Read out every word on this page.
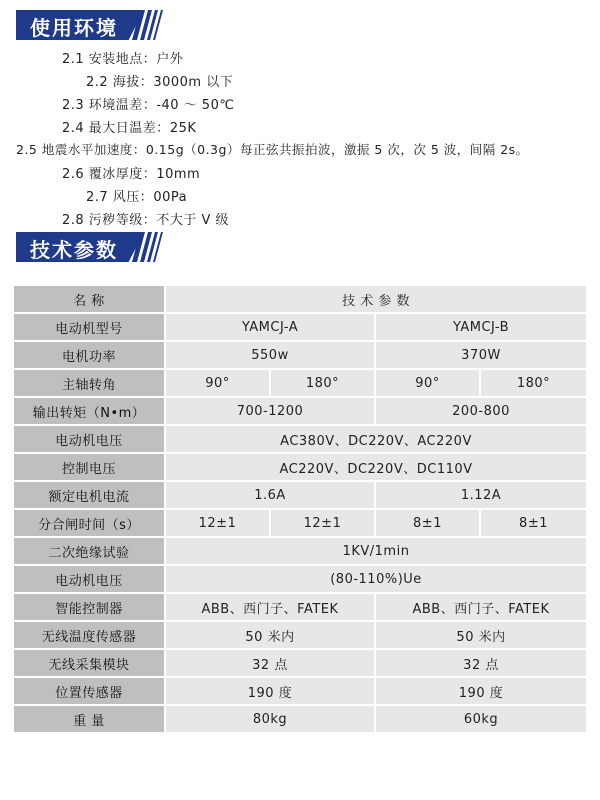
使用环境
2.1 安装地点：户外
2.2 海拔：3000m 以下
2.3 环境温差：-40 ～ 50℃
2.4 最大日温差：25K
2.5 地震水平加速度：0.15g（0.3g）每正弦共振拍波，激振 5 次，次 5 波，间隔 2s。
2.6 覆冰厚度：10mm
2.7 风压：00Pa
2.8 污秽等级：不大于 V 级
技术参数
名 称	技 术 参 数			
电动机型号	YAMCJ-A		YAMCJ-B	
电机功率	550w		370W	
主轴转角	90°	180°	90°	180°
输出转矩（N•m）	700-1200		200-800	
电动机电压	AC380V、DC220V、AC220V			
控制电压	AC220V、DC220V、DC110V			
额定电机电流	1.6A		1.12A	
分合闸时间（s）	12±1	12±1	8±1	8±1
二次绝缘试验	1KV/1min			
电动机电压	(80-110%)Ue			
智能控制器	ABB、西门子、FATEK		ABB、西门子、FATEK	
无线温度传感器	50 米内		50 米内	
无线采集模块	32 点		32 点	
位置传感器	190 度		190 度	
重 量	80kg		60kg	
